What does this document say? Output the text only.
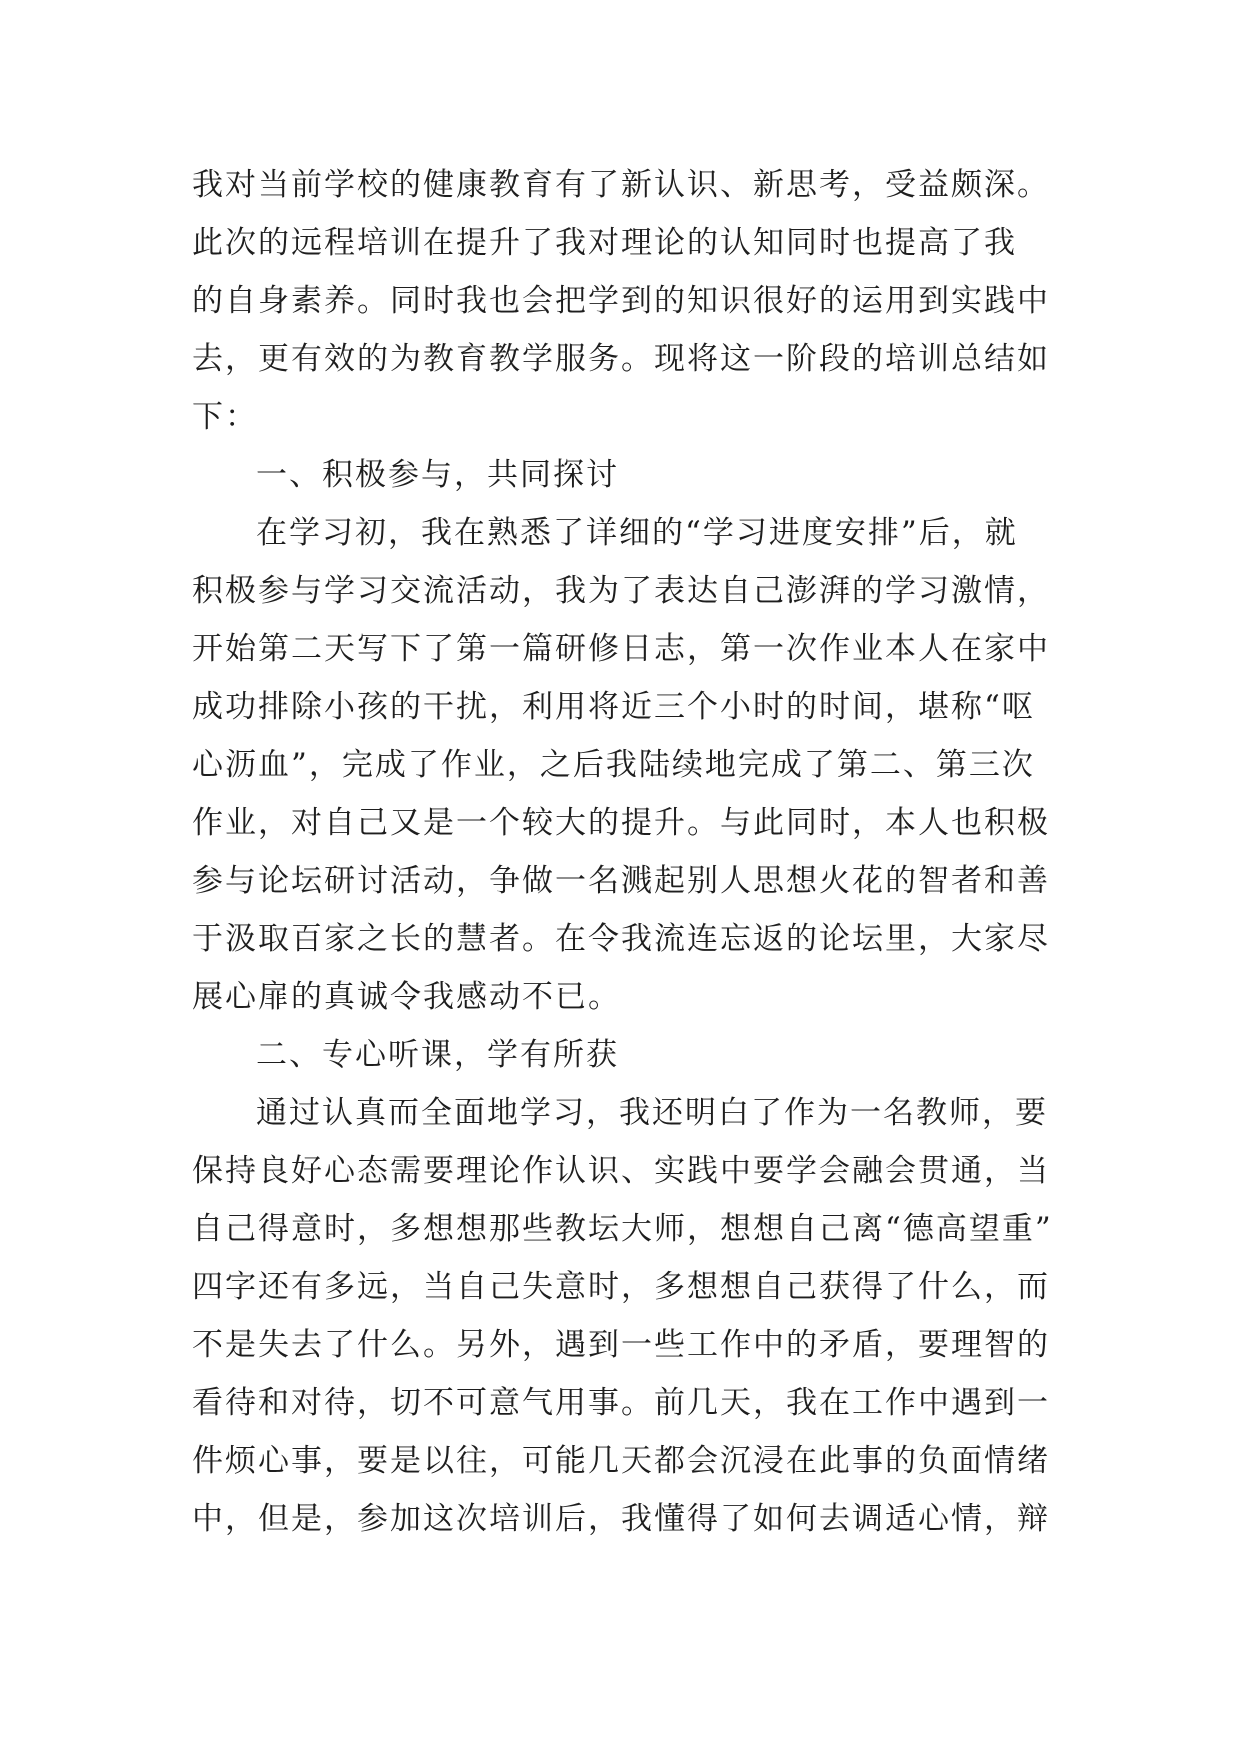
我对当前学校的健康教育有了新认识、新思考，受益颇深。
此次的远程培训在提升了我对理论的认知同时也提高了我
的自身素养。同时我也会把学到的知识很好的运用到实践中
去，更有效的为教育教学服务。现将这一阶段的培训总结如
下：
一、积极参与，共同探讨
在学习初，我在熟悉了详细的“学习进度安排”后，就
积极参与学习交流活动，我为了表达自己澎湃的学习激情，
开始第二天写下了第一篇研修日志，第一次作业本人在家中
成功排除小孩的干扰，利用将近三个小时的时间，堪称“呕
心沥血”，完成了作业，之后我陆续地完成了第二、第三次
作业，对自己又是一个较大的提升。与此同时，本人也积极
参与论坛研讨活动，争做一名溅起别人思想火花的智者和善
于汲取百家之长的慧者。在令我流连忘返的论坛里，大家尽
展心扉的真诚令我感动不已。
二、专心听课，学有所获
通过认真而全面地学习，我还明白了作为一名教师，要
保持良好心态需要理论作认识、实践中要学会融会贯通，当
自己得意时，多想想那些教坛大师，想想自己离“德高望重”
四字还有多远，当自己失意时，多想想自己获得了什么，而
不是失去了什么。另外，遇到一些工作中的矛盾，要理智的
看待和对待，切不可意气用事。前几天，我在工作中遇到一
件烦心事，要是以往，可能几天都会沉浸在此事的负面情绪
中，但是，参加这次培训后，我懂得了如何去调适心情，辩
